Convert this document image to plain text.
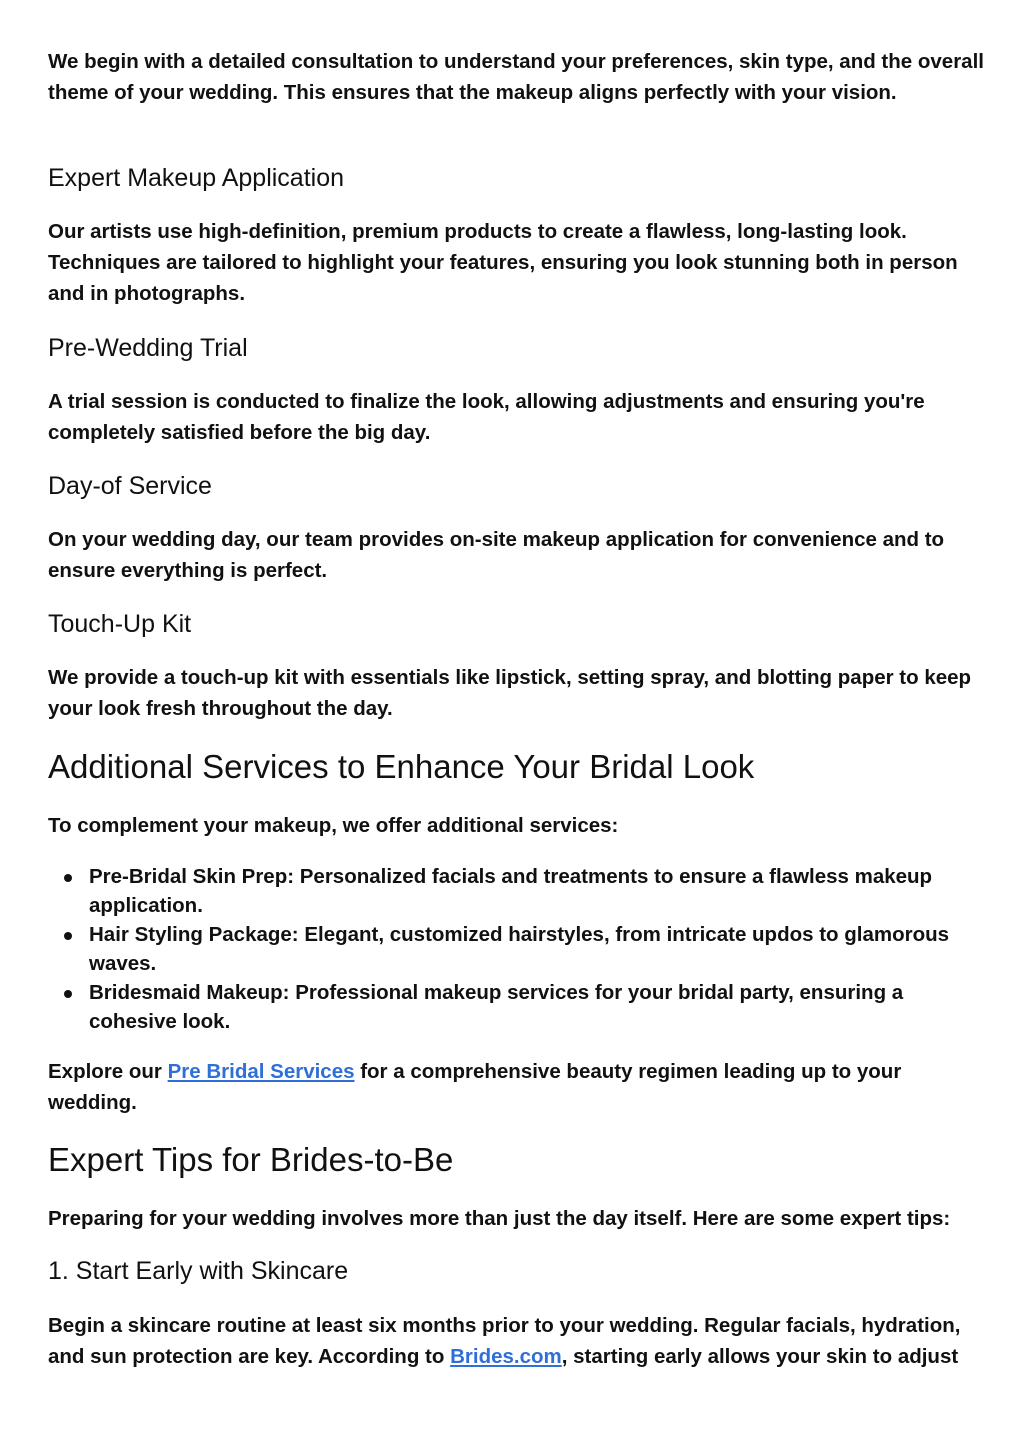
We begin with a detailed consultation to understand your preferences, skin type, and the overall theme of your wedding. This ensures that the makeup aligns perfectly with your vision.

Expert Makeup Application

Our artists use high-definition, premium products to create a flawless, long-lasting look. Techniques are tailored to highlight your features, ensuring you look stunning both in person and in photographs.

Pre-Wedding Trial

A trial session is conducted to finalize the look, allowing adjustments and ensuring you're completely satisfied before the big day.

Day-of Service

On your wedding day, our team provides on-site makeup application for convenience and to ensure everything is perfect.

Touch-Up Kit

We provide a touch-up kit with essentials like lipstick, setting spray, and blotting paper to keep your look fresh throughout the day.

Additional Services to Enhance Your Bridal Look

To complement your makeup, we offer additional services:

Pre-Bridal Skin Prep: Personalized facials and treatments to ensure a flawless makeup application.
Hair Styling Package: Elegant, customized hairstyles, from intricate updos to glamorous waves.
Bridesmaid Makeup: Professional makeup services for your bridal party, ensuring a cohesive look.

Explore our Pre Bridal Services for a comprehensive beauty regimen leading up to your wedding.

Expert Tips for Brides-to-Be

Preparing for your wedding involves more than just the day itself. Here are some expert tips:

1. Start Early with Skincare

Begin a skincare routine at least six months prior to your wedding. Regular facials, hydration, and sun protection are key. According to Brides.com, starting early allows your skin to adjust
